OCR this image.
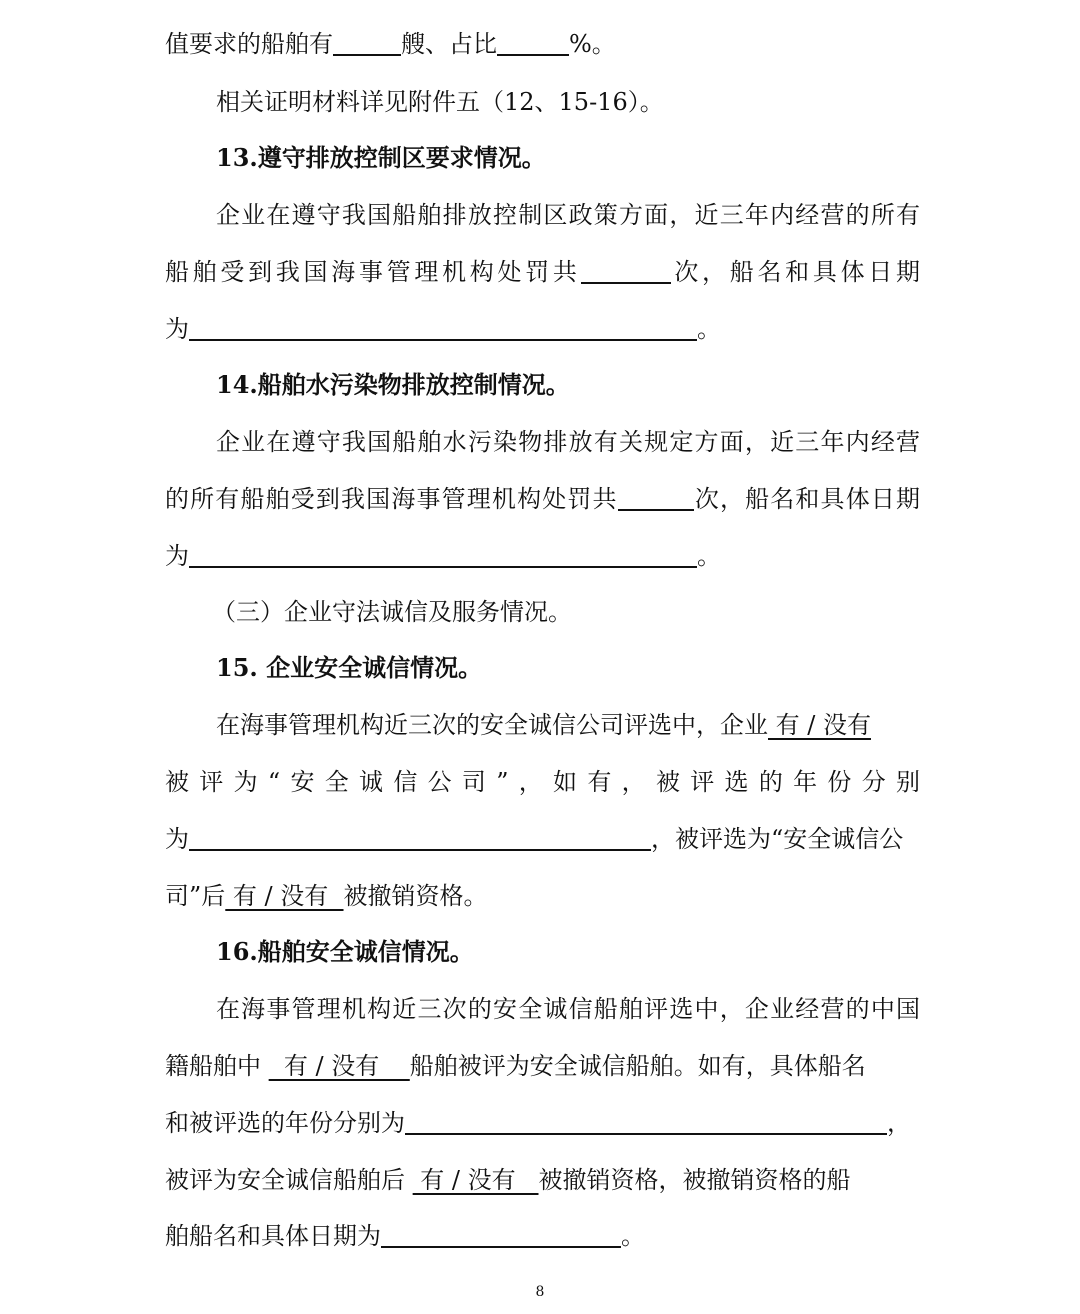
值要求的船舶有	艘、占比	%。
相关证明材料详见附件五（12、15-16）。
13.遵守排放控制区要求情况。
企业在遵守我国船舶排放控制区政策方面，近三年内经营的所有
船舶受到我国海事管理机构处罚共	次，船名和具体日期
为	。
14.船舶水污染物排放控制情况。
企业在遵守我国船舶水污染物排放有关规定方面，近三年内经营
的所有船舶受到我国海事管理机构处罚共	次，船名和具体日期
为	。
（三）企业守法诚信及服务情况。
15. 企业安全诚信情况。
在海事管理机构近三次的安全诚信公司评选中，企业 有 / 没有
被评为“安全诚信公司”，如有，被评选的年份分别
为	，被评选为“安全诚信公
司”后 有 / 没有  被撤销资格。
16.船舶安全诚信情况。
在海事管理机构近三次的安全诚信船舶评选中，企业经营的中国
籍船舶中   有 / 没有    船舶被评为安全诚信船舶。如有，具体船名
和被评选的年份分别为	，
被评为安全诚信船舶后  有 / 没有   被撤销资格，被撤销资格的船
舶船名和具体日期为	。
8
